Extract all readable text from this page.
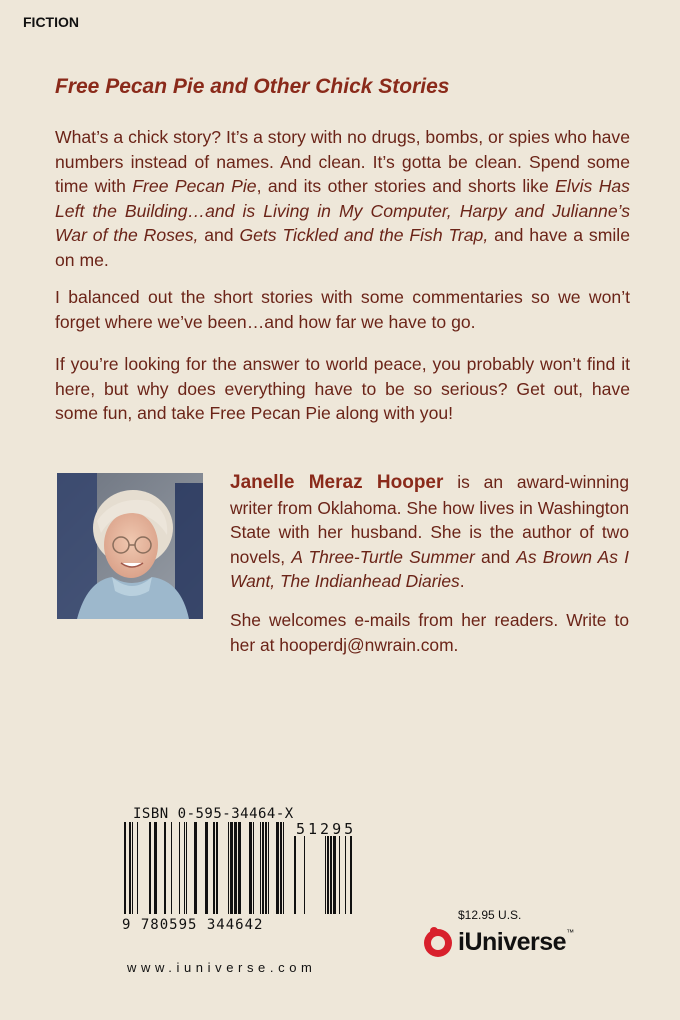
FICTION
Free Pecan Pie and Other Chick Stories
What’s a chick story? It’s a story with no drugs, bombs, or spies who have numbers instead of names. And clean. It’s gotta be clean. Spend some time with Free Pecan Pie, and its other stories and shorts like Elvis Has Left the Building…and is Living in My Computer, Harpy and Julianne’s War of the Roses, and Gets Tickled and the Fish Trap, and have a smile on me.
I balanced out the short stories with some commentaries so we won’t forget where we’ve been…and how far we have to go.
If you’re looking for the answer to world peace, you probably won’t find it here, but why does everything have to be so serious? Get out, have some fun, and take Free Pecan Pie along with you!
Janelle Meraz Hooper is an award-winning writer from Oklahoma. She how lives in Washington State with her husband. She is the author of two novels, A Three-Turtle Summer and As Brown As I Want, The Indianhead Diaries.
She welcomes e-mails from her readers. Write to her at hooperdj@nwrain.com.
ISBN 0-595-34464-X
9 780595 344642
51295
$12.95 U.S.
iUniverse™
www.iuniverse.com
